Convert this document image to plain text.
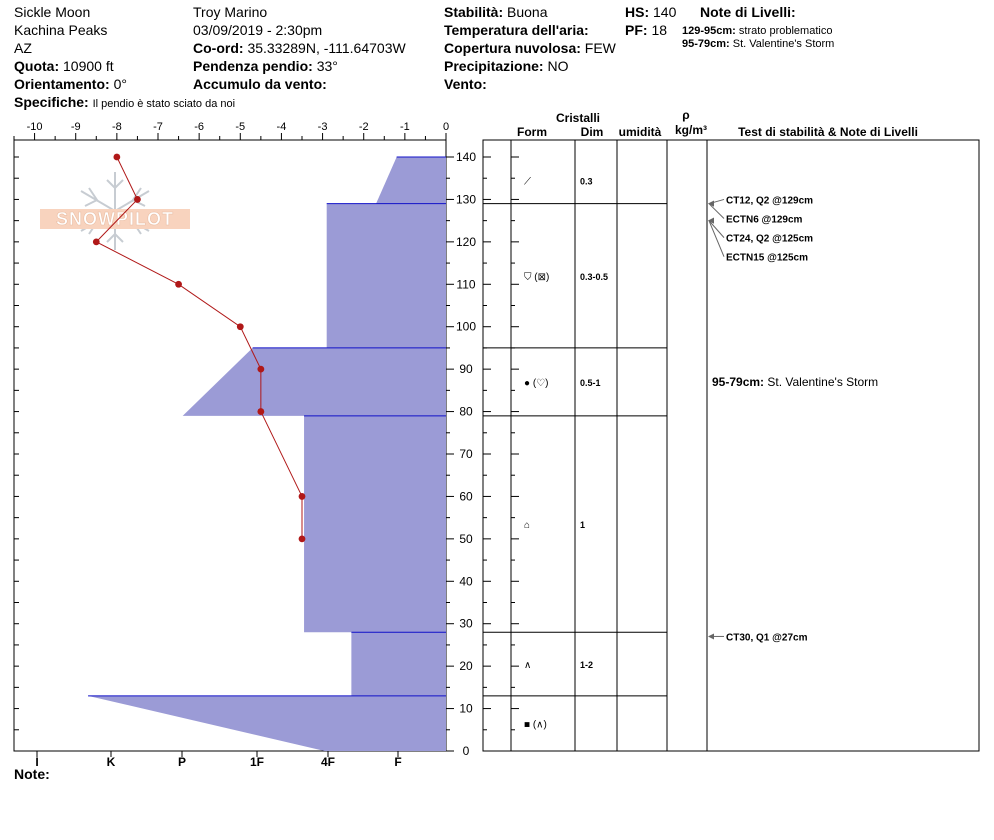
Sickle Moon
Kachina Peaks
AZ
Quota: 10900 ft
Orientamento: 0°
Specifiche: Il pendio è stato sciato da noi
Troy Marino
03/09/2019 - 2:30pm
Co-ord: 35.33289N, -111.64703W
Pendenza pendio: 33°
Accumulo da vento:
Stabilità: Buona
Temperatura dell'aria:
Copertura nuvolosa: FEW
Precipitazione: NO
Vento:
HS: 140
PF: 18
Note di Livelli:
129-95cm: strato problematico
95-79cm: St. Valentine's Storm
Note:
SNOWPILOT
Cristalli
Form	Dim umidità
ρ
kg/m³	Test di stabilità & Note di Livelli
-10	-9	-8	-7	-6	-5	-4	-3	-2	-1	0
0
10
20
30
40
50
60
70
80
90
100
110
120
130
140
I	K	P	1F	4F	F
⟋	0.3
⛉ (⊠)	0.3-0.5
● (♡)	0.5-1
⌂	1
∧	1-2
■ (∧)
CT12, Q2 @129cm
ECTN6 @129cm
CT24, Q2 @125cm
ECTN15 @125cm
CT30, Q1 @27cm
95-79cm: St. Valentine's Storm
